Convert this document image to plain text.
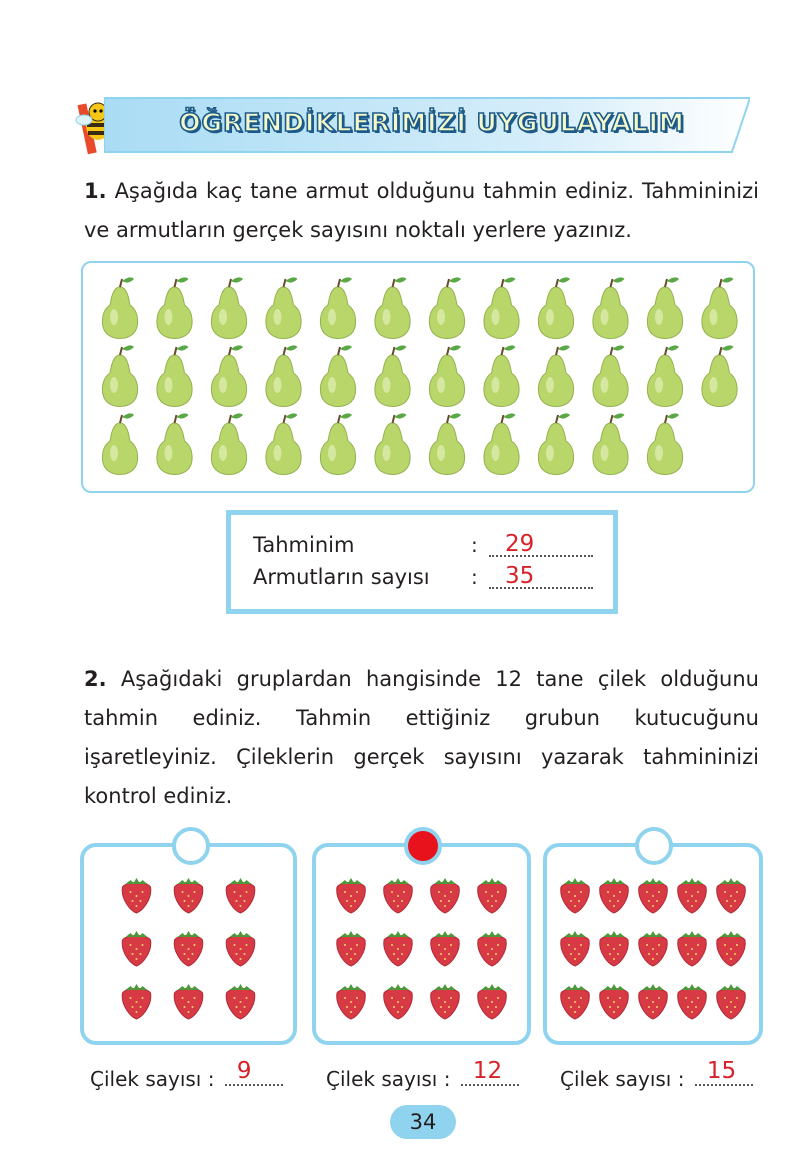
ÖĞRENDİKLERİMİZİ UYGULAYALIM

1. Aşağıda kaç tane armut olduğunu tahmin ediniz. Tahmininizi ve armutların gerçek sayısını noktalı yerlere yazınız.

Tahminim	: 29
Armutların sayısı : 35

2. Aşağıdaki gruplardan hangisinde 12 tane çilek olduğunu tahmin ediniz. Tahmin ettiğiniz grubun kutucuğunu işaretleyiniz. Çileklerin gerçek sayısını yazarak tahmininizi kontrol ediniz.

Çilek sayısı : 9	Çilek sayısı : 12	Çilek sayısı : 15
34
